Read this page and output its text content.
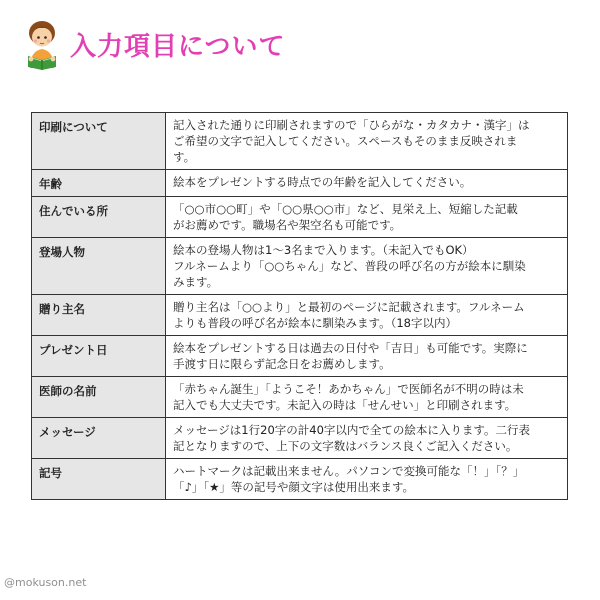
入力項目について
印刷について	記入された通りに印刷されますので「ひらがな・カタカナ・漢字」は
ご希望の文字で記入してください。スペースもそのまま反映されま
す。

年齢	絵本をプレゼントする時点での年齢を記入してください。

住んでいる所	「○○市○○町」や「○○県○○市」など、見栄え上、短縮した記載
がお薦めです。職場名や架空名も可能です。

登場人物	絵本の登場人物は1～3名まで入ります。（未記入でもOK）
フルネームより「○○ちゃん」など、普段の呼び名の方が絵本に馴染
みます。

贈り主名	贈り主名は「○○より」と最初のページに記載されます。フルネーム
よりも普段の呼び名が絵本に馴染みます。（18字以内）

プレゼント日	絵本をプレゼントする日は過去の日付や「吉日」も可能です。実際に
手渡す日に限らず記念日をお薦めします。

医師の名前	「赤ちゃん誕生」「ようこそ！あかちゃん」で医師名が不明の時は未
記入でも大丈夫です。未記入の時は「せんせい」と印刷されます。

メッセージ	メッセージは1行20字の計40字以内で全ての絵本に入ります。二行表
記となりますので、上下の文字数はバランス良くご記入ください。

記号	ハートマークは記載出来ません。パソコンで変換可能な「！」「？」
「♪」「★」等の記号や顔文字は使用出来ます。
@mokuson.net
